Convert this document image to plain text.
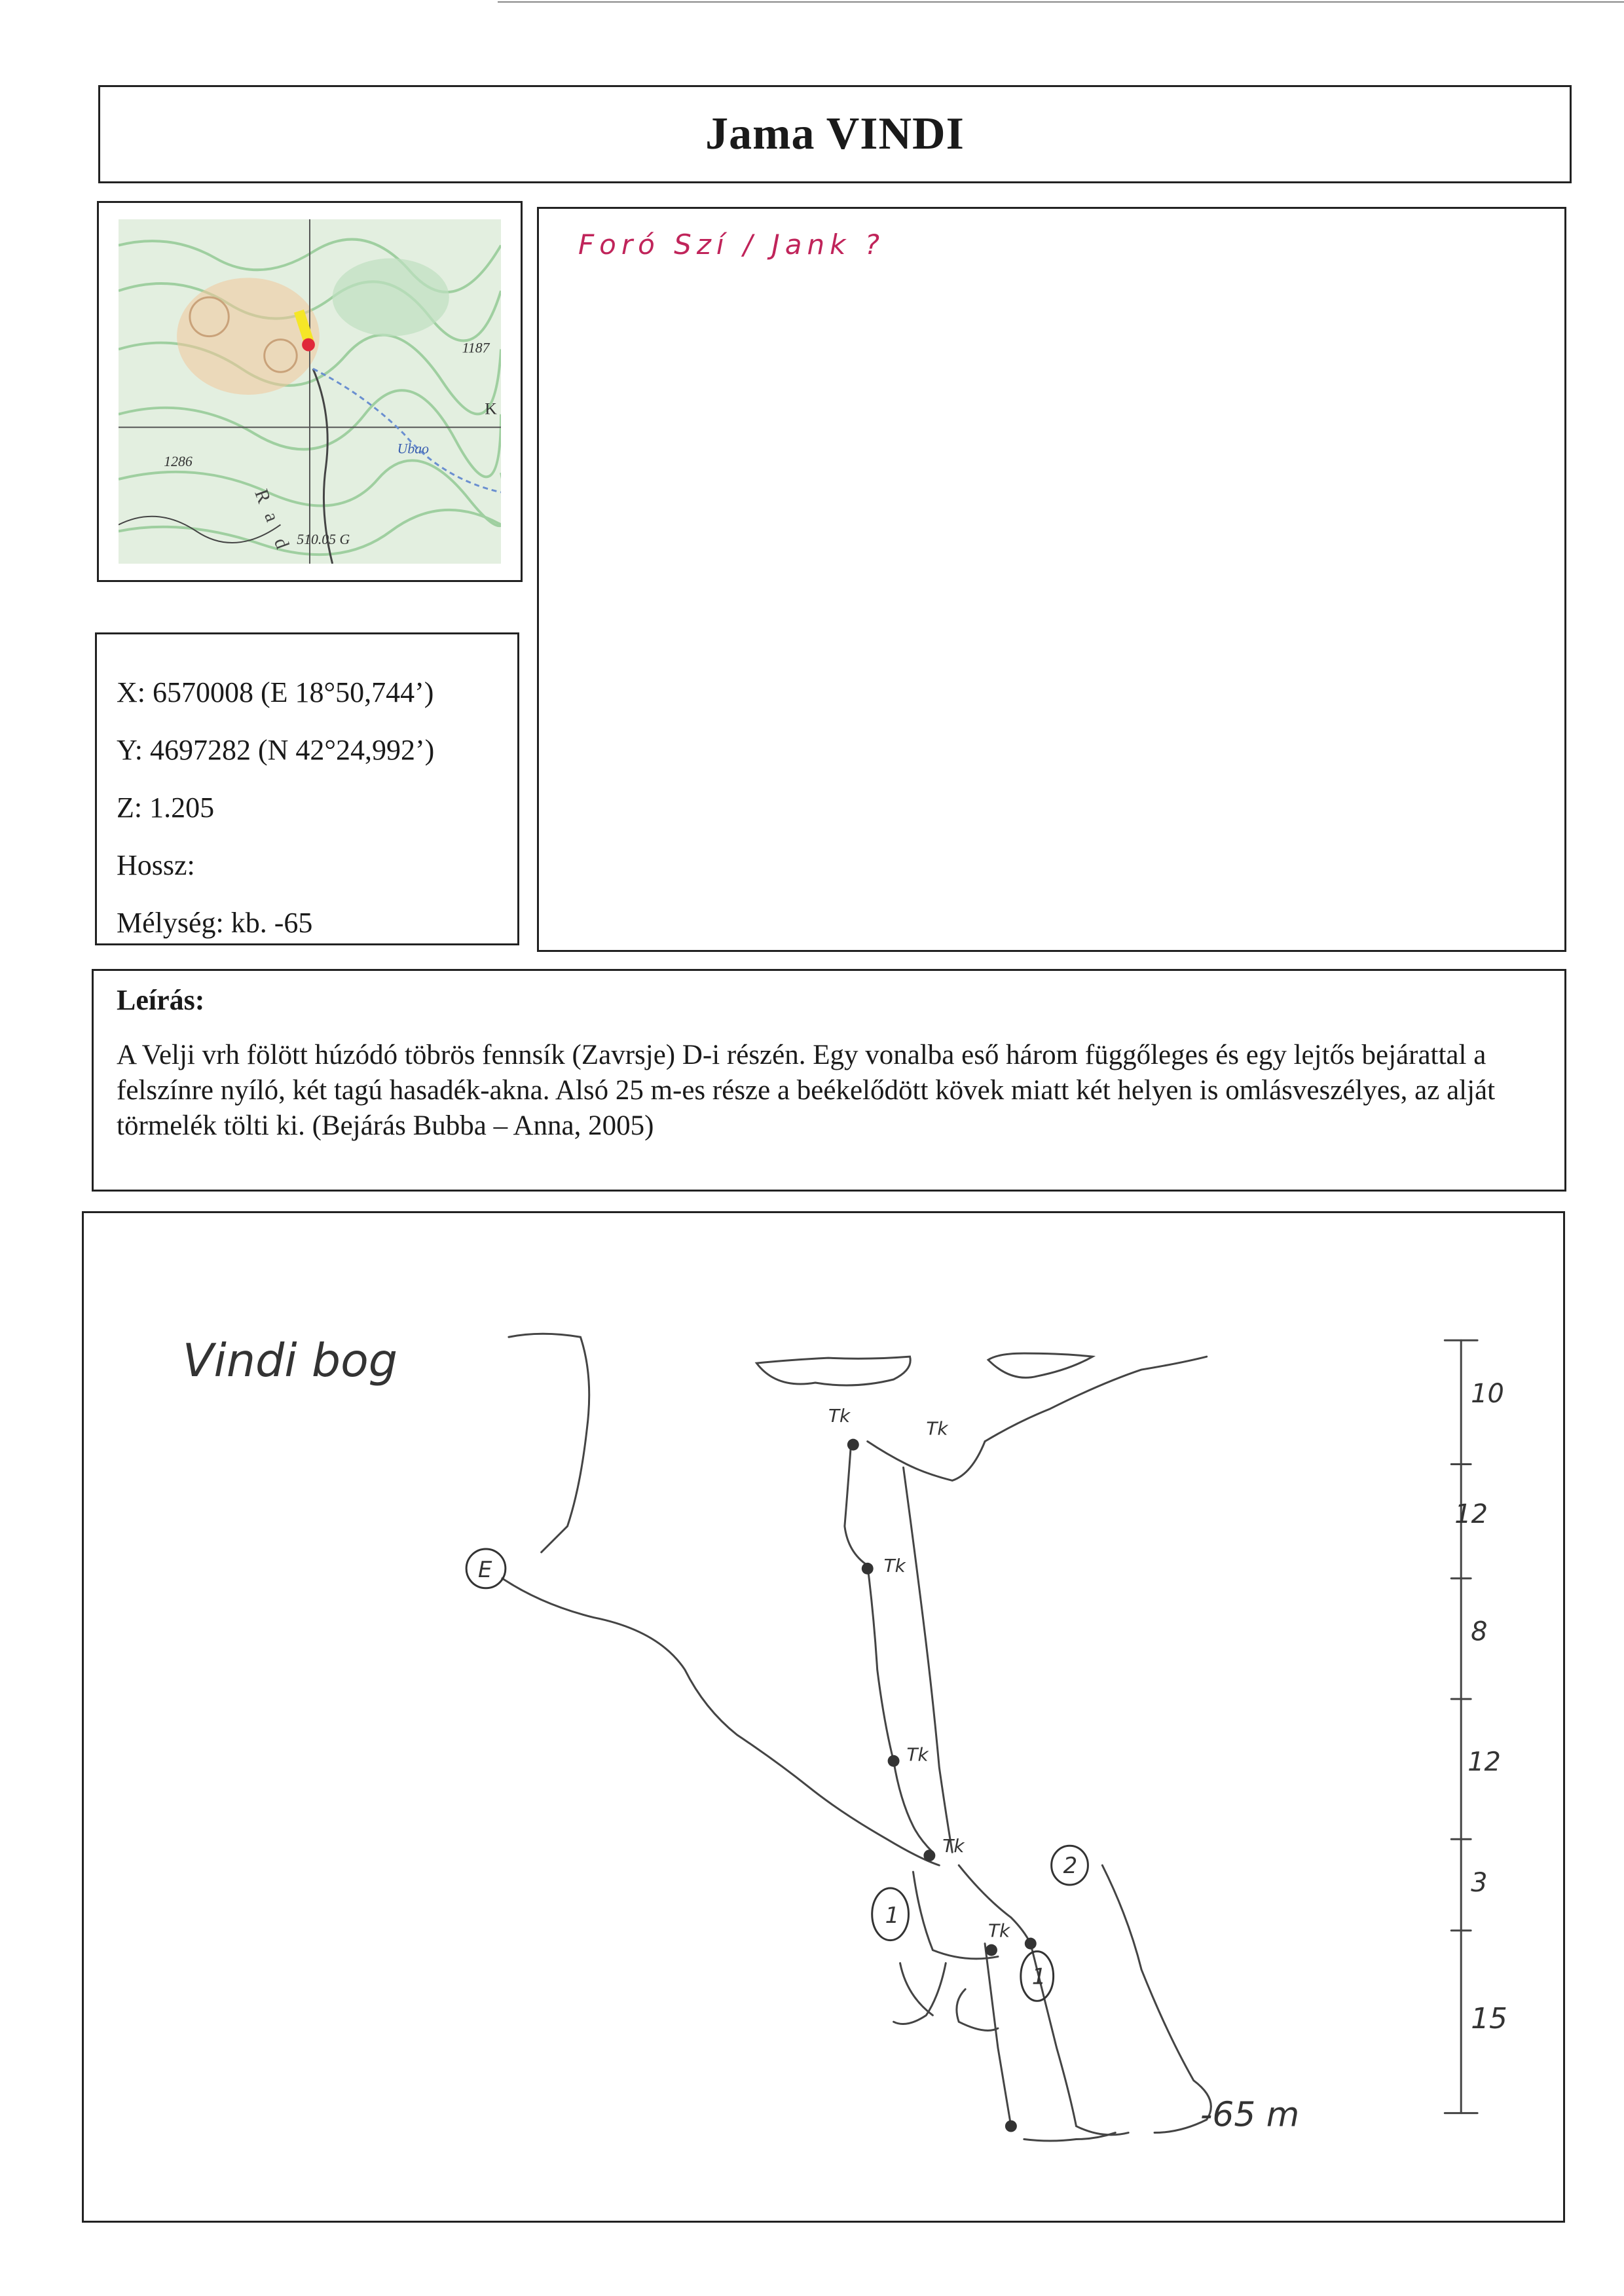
Jama VINDI
1187
1286
Ubao
510.05 G
R
a
d
K
Foró Szí / Jank ?
X: 6570008 (E 18°50,744’)
Y: 4697282 (N 42°24,992’)
Z: 1.205
Hossz:
Mélység: kb. -65
Leírás:
A Velji vrh fölött húzódó töbrös fennsík (Zavrsje) D-i részén. Egy vonalba eső három függőleges és egy lejtős bejárattal a felszínre nyíló, két tagú hasadék-akna. Alsó 25 m-es része a beékelődött kövek miatt két helyen is omlásveszélyes, az alját törmelék tölti ki. (Bejárás Bubba – Anna, 2005)
Vindi bog
-65 m
10
12
8
12
3
15
Tk
Tk
Tk
Tk
Tk
Tk
E
1
1
2
